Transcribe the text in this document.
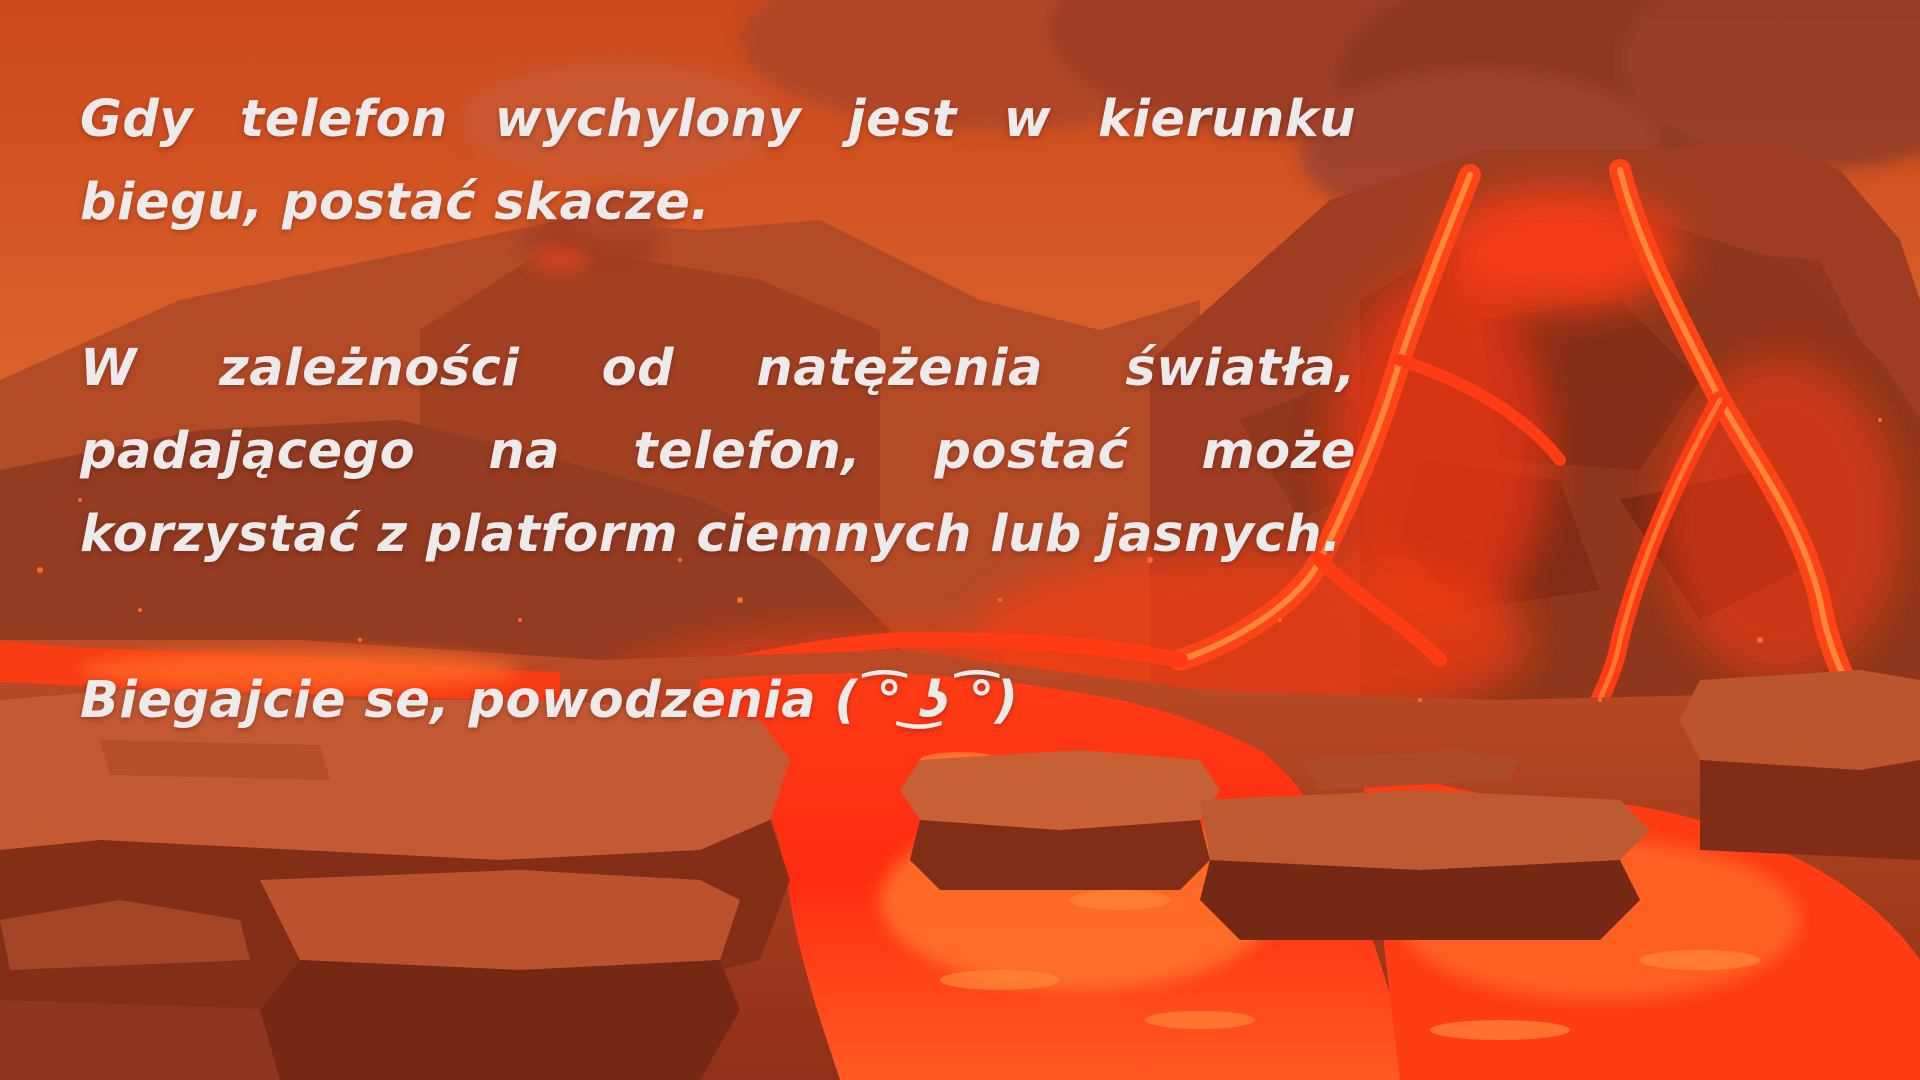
Gdy telefon wychylony jest w kierunku biegu, postać skacze.

W zależności od natężenia światła, padającego na telefon, postać może korzystać z platform ciemnych lub jasnych.

Biegajcie se, powodzenia ( ͡° ͜ʖ ͡°)
